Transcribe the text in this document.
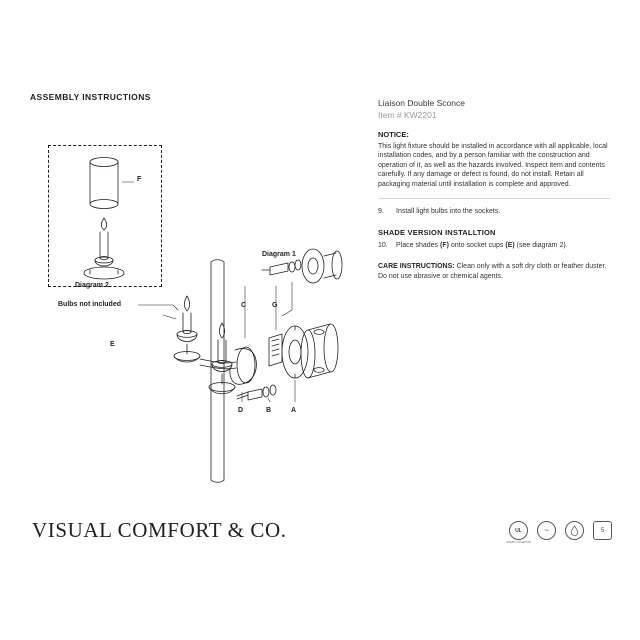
ASSEMBLY INSTRUCTIONS
F
Diagram 2
Bulbs not included
Diagram 1
E
C	G
D	B	A
Liaison Double Sconce
Item # KW2201
NOTICE:
This light fixture should be installed in accordance with all applicable, local installation codes, and by a person familiar with the construction and operation of it, as well as the hazards involved. Inspect item and contents carefully. If any damage or defect is found, do not install. Retain all packaging material until installation is complete and approved.
9.	Install light bulbs into the sockets.
SHADE VERSION INSTALLTION
10.	Place shades (F) onto socket cups (E) (see diagram 2).
CARE INSTRUCTIONS: Clean only with a soft dry cloth or feather duster. Do not use abrasive or chemical agents.
VISUAL COMFORT & CO.	UL
DAMP LOCATION
~	5
